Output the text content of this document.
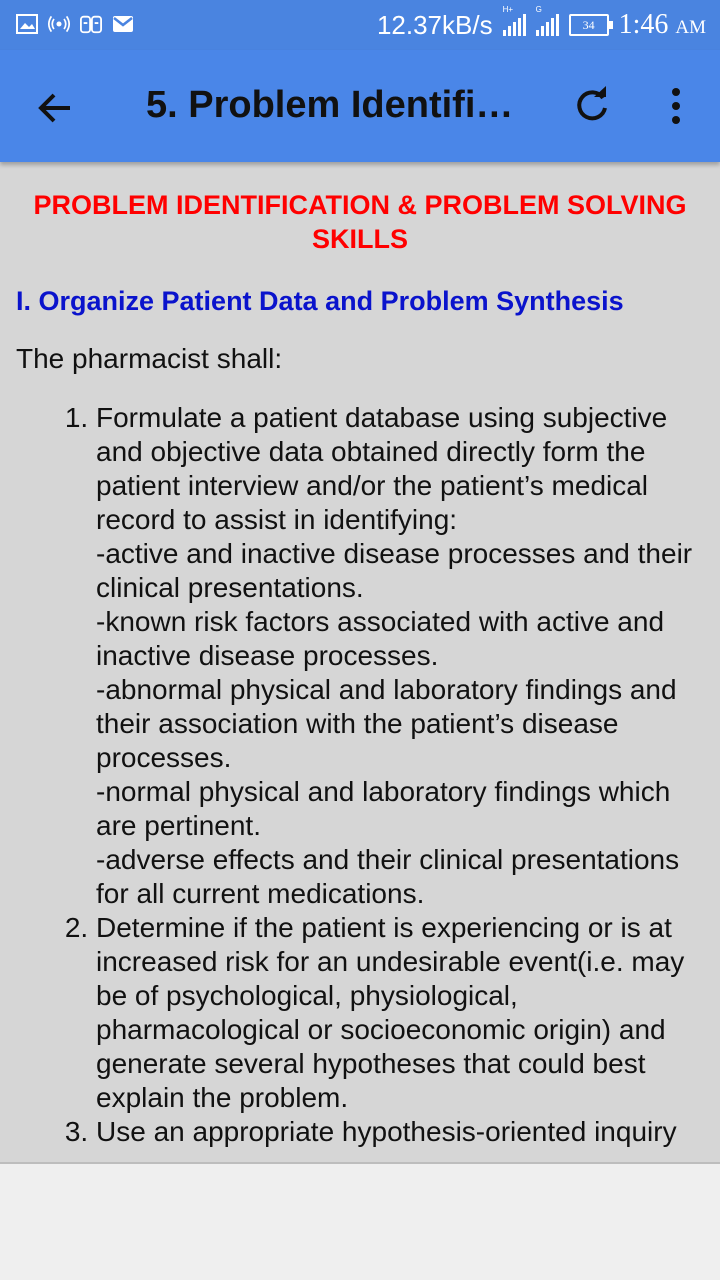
12.37kB/s H+	G
34 1:46 AM
5. Problem Identific...
PROBLEM IDENTIFICATION & PROBLEM SOLVING SKILLS
I. Organize Patient Data and Problem Synthesis
The pharmacist shall:
1. Formulate a patient database using subjective and objective data obtained directly form the patient interview and/or the patient’s medical record to assist in identifying:
-active and inactive disease processes and their clinical presentations.
-known risk factors associated with active and inactive disease processes.
-abnormal physical and laboratory findings and their association with the patient’s disease processes.
-normal physical and laboratory findings which are pertinent.
-adverse effects and their clinical presentations for all current medications.
2. Determine if the patient is experiencing or is at increased risk for an undesirable event(i.e. may be of psychological, physiological, pharmacological or socioeconomic origin) and generate several hypotheses that could best explain the problem.
3. Use an appropriate hypothesis-oriented inquiry
